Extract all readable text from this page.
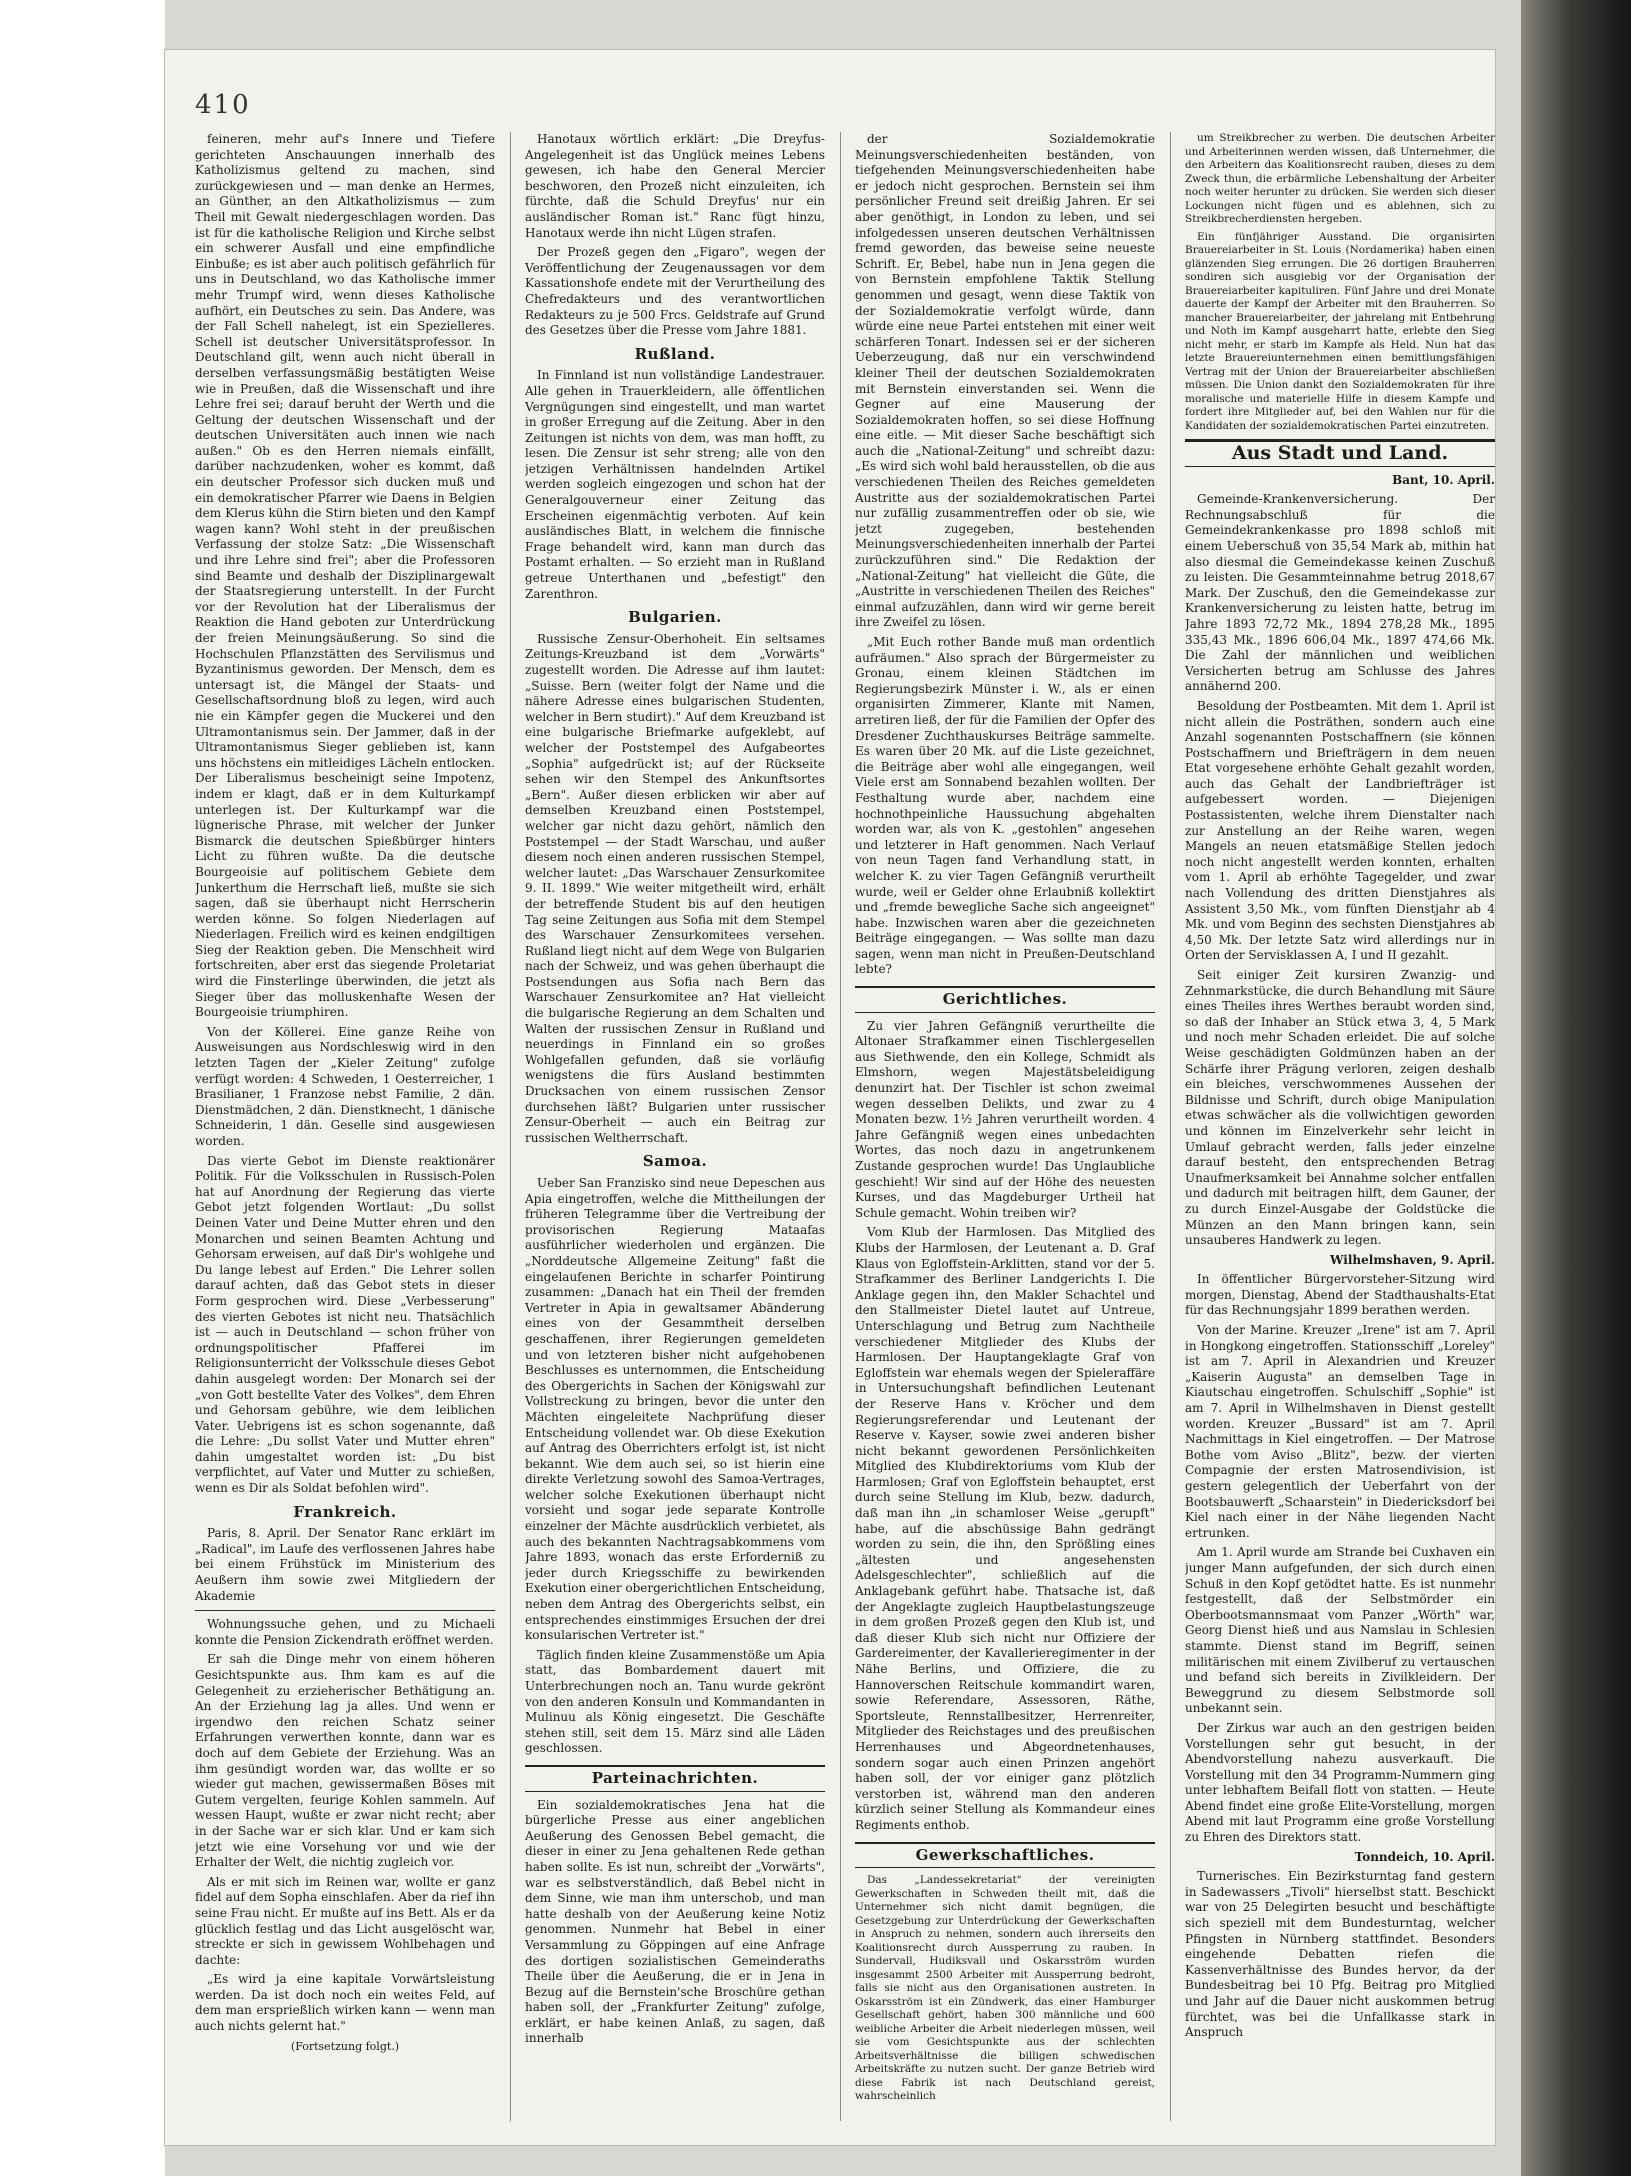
410

feineren, mehr auf's Innere und Tiefere gerichteten Anschauungen innerhalb des Katholizismus geltend zu machen, sind zurückgewiesen und — man denke an Hermes, an Günther, an den Altkatholizismus — zum Theil mit Gewalt niedergeschlagen worden. Das ist für die katholische Religion und Kirche selbst ein schwerer Ausfall und eine empfindliche Einbuße; es ist aber auch politisch gefährlich für uns in Deutschland, wo das Katholische immer mehr Trumpf wird, wenn dieses Katholische aufhört, ein Deutsches zu sein. Das Andere, was der Fall Schell nahelegt, ist ein Spezielleres. Schell ist deutscher Universitätsprofessor. In Deutschland gilt, wenn auch nicht überall in derselben verfassungsmäßig bestätigten Weise wie in Preußen, daß die Wissenschaft und ihre Lehre frei sei; darauf beruht der Werth und die Geltung der deutschen Wissenschaft und der deutschen Universitäten auch innen wie nach außen." Ob es den Herren niemals einfällt, darüber nachzudenken, woher es kommt, daß ein deutscher Professor sich ducken muß und ein demokratischer Pfarrer wie Daens in Belgien dem Klerus kühn die Stirn bieten und den Kampf wagen kann? Wohl steht in der preußischen Verfassung der stolze Satz: „Die Wissenschaft und ihre Lehre sind frei"; aber die Professoren sind Beamte und deshalb der Disziplinargewalt der Staatsregierung unterstellt. In der Furcht vor der Revolution hat der Liberalismus der Reaktion die Hand geboten zur Unterdrückung der freien Meinungsäußerung. So sind die Hochschulen Pflanzstätten des Servilismus und Byzantinismus geworden. Der Mensch, dem es untersagt ist, die Mängel der Staats- und Gesellschaftsordnung bloß zu legen, wird auch nie ein Kämpfer gegen die Muckerei und den Ultramontanismus sein. Der Jammer, daß in der Ultramontanismus Sieger geblieben ist, kann uns höchstens ein mitleidiges Lächeln entlocken. Der Liberalismus bescheinigt seine Impotenz, indem er klagt, daß er in dem Kulturkampf unterlegen ist. Der Kulturkampf war die lügnerische Phrase, mit welcher der Junker Bismarck die deutschen Spießbürger hinters Licht zu führen wußte. Da die deutsche Bourgeoisie auf politischem Gebiete dem Junkerthum die Herrschaft ließ, mußte sie sich sagen, daß sie überhaupt nicht Herrscherin werden könne. So folgen Niederlagen auf Niederlagen. Freilich wird es keinen endgiltigen Sieg der Reaktion geben. Die Menschheit wird fortschreiten, aber erst das siegende Proletariat wird die Finsterlinge überwinden, die jetzt als Sieger über das molluskenhafte Wesen der Bourgeoisie triumphiren.

Von der Köllerei. Eine ganze Reihe von Ausweisungen aus Nordschleswig wird in den letzten Tagen der „Kieler Zeitung" zufolge verfügt worden: 4 Schweden, 1 Oesterreicher, 1 Brasilianer, 1 Franzose nebst Familie, 2 dän. Dienstmädchen, 2 dän. Dienstknecht, 1 dänische Schneiderin, 1 dän. Geselle sind ausgewiesen worden.

Das vierte Gebot im Dienste reaktionärer Politik. Für die Volksschulen in Russisch-Polen hat auf Anordnung der Regierung das vierte Gebot jetzt folgenden Wortlaut: „Du sollst Deinen Vater und Deine Mutter ehren und den Monarchen und seinen Beamten Achtung und Gehorsam erweisen, auf daß Dir's wohlgehe und Du lange lebest auf Erden." Die Lehrer sollen darauf achten, daß das Gebot stets in dieser Form gesprochen wird. Diese „Verbesserung" des vierten Gebotes ist nicht neu. Thatsächlich ist — auch in Deutschland — schon früher von ordnungspolitischer Pfafferei im Religionsunterricht der Volksschule dieses Gebot dahin ausgelegt worden: Der Monarch sei der „von Gott bestellte Vater des Volkes", dem Ehren und Gehorsam gebühre, wie dem leiblichen Vater. Uebrigens ist es schon sogenannte, daß die Lehre: „Du sollst Vater und Mutter ehren" dahin umgestaltet worden ist: „Du bist verpflichtet, auf Vater und Mutter zu schießen, wenn es Dir als Soldat befohlen wird".

Frankreich.

Paris, 8. April. Der Senator Ranc erklärt im „Radical", im Laufe des verflossenen Jahres habe bei einem Frühstück im Ministerium des Aeußern ihm sowie zwei Mitgliedern der Akademie

Wohnungssuche gehen, und zu Michaeli konnte die Pension Zickendrath eröffnet werden.

Er sah die Dinge mehr von einem höheren Gesichtspunkte aus. Ihm kam es auf die Gelegenheit zu erzieherischer Bethätigung an. An der Erziehung lag ja alles. Und wenn er irgendwo den reichen Schatz seiner Erfahrungen verwerthen konnte, dann war es doch auf dem Gebiete der Erziehung. Was an ihm gesündigt worden war, das wollte er so wieder gut machen, gewissermaßen Böses mit Gutem vergelten, feurige Kohlen sammeln. Auf wessen Haupt, wußte er zwar nicht recht; aber in der Sache war er sich klar. Und er kam sich jetzt wie eine Vorsehung vor und wie der Erhalter der Welt, die nichtig zugleich vor.

Als er mit sich im Reinen war, wollte er ganz fidel auf dem Sopha einschlafen. Aber da rief ihn seine Frau nicht. Er mußte auf ins Bett. Als er da glücklich festlag und das Licht ausgelöscht war, streckte er sich in gewissem Wohlbehagen und dachte:

„Es wird ja eine kapitale Vorwärtsleistung werden. Da ist doch noch ein weites Feld, auf dem man ersprießlich wirken kann — wenn man auch nichts gelernt hat."

(Fortsetzung folgt.)

Hanotaux wörtlich erklärt: „Die Dreyfus-Angelegenheit ist das Unglück meines Lebens gewesen, ich habe den General Mercier beschworen, den Prozeß nicht einzuleiten, ich fürchte, daß die Schuld Dreyfus' nur ein ausländischer Roman ist." Ranc fügt hinzu, Hanotaux werde ihn nicht Lügen strafen.

Der Prozeß gegen den „Figaro", wegen der Veröffentlichung der Zeugenaussagen vor dem Kassationshofe endete mit der Verurtheilung des Chefredakteurs und des verantwortlichen Redakteurs zu je 500 Frcs. Geldstrafe auf Grund des Gesetzes über die Presse vom Jahre 1881.

Rußland.

In Finnland ist nun vollständige Landestrauer. Alle gehen in Trauerkleidern, alle öffentlichen Vergnügungen sind eingestellt, und man wartet in großer Erregung auf die Zeitung. Aber in den Zeitungen ist nichts von dem, was man hofft, zu lesen. Die Zensur ist sehr streng; alle von den jetzigen Verhältnissen handelnden Artikel werden sogleich eingezogen und schon hat der Generalgouverneur einer Zeitung das Erscheinen eigenmächtig verboten. Auf kein ausländisches Blatt, in welchem die finnische Frage behandelt wird, kann man durch das Postamt erhalten. — So erzieht man in Rußland getreue Unterthanen und „befestigt" den Zarenthron.

Bulgarien.

Russische Zensur-Oberhoheit. Ein seltsames Zeitungs-Kreuzband ist dem „Vorwärts" zugestellt worden. Die Adresse auf ihm lautet: „Suisse. Bern (weiter folgt der Name und die nähere Adresse eines bulgarischen Studenten, welcher in Bern studirt)." Auf dem Kreuzband ist eine bulgarische Briefmarke aufgeklebt, auf welcher der Poststempel des Aufgabeortes „Sophia" aufgedrückt ist; auf der Rückseite sehen wir den Stempel des Ankunftsortes „Bern". Außer diesen erblicken wir aber auf demselben Kreuzband einen Poststempel, welcher gar nicht dazu gehört, nämlich den Poststempel — der Stadt Warschau, und außer diesem noch einen anderen russischen Stempel, welcher lautet: „Das Warschauer Zensurkomitee 9. II. 1899." Wie weiter mitgetheilt wird, erhält der betreffende Student bis auf den heutigen Tag seine Zeitungen aus Sofia mit dem Stempel des Warschauer Zensurkomitees versehen. Rußland liegt nicht auf dem Wege von Bulgarien nach der Schweiz, und was gehen überhaupt die Postsendungen aus Sofia nach Bern das Warschauer Zensurkomitee an? Hat vielleicht die bulgarische Regierung an dem Schalten und Walten der russischen Zensur in Rußland und neuerdings in Finnland ein so großes Wohlgefallen gefunden, daß sie vorläufig wenigstens die fürs Ausland bestimmten Drucksachen von einem russischen Zensor durchsehen läßt? Bulgarien unter russischer Zensur-Oberheit — auch ein Beitrag zur russischen Weltherrschaft.

Samoa.

Ueber San Franzisko sind neue Depeschen aus Apia eingetroffen, welche die Mittheilungen der früheren Telegramme über die Vertreibung der provisorischen Regierung Mataafas ausführlicher wiederholen und ergänzen. Die „Norddeutsche Allgemeine Zeitung" faßt die eingelaufenen Berichte in scharfer Pointirung zusammen: „Danach hat ein Theil der fremden Vertreter in Apia in gewaltsamer Abänderung eines von der Gesammtheit derselben geschaffenen, ihrer Regierungen gemeldeten und von letzteren bisher nicht aufgehobenen Beschlusses es unternommen, die Entscheidung des Obergerichts in Sachen der Königswahl zur Vollstreckung zu bringen, bevor die unter den Mächten eingeleitete Nachprüfung dieser Entscheidung vollendet war. Ob diese Exekution auf Antrag des Oberrichters erfolgt ist, ist nicht bekannt. Wie dem auch sei, so ist hierin eine direkte Verletzung sowohl des Samoa-Vertrages, welcher solche Exekutionen überhaupt nicht vorsieht und sogar jede separate Kontrolle einzelner der Mächte ausdrücklich verbietet, als auch des bekannten Nachtragsabkommens vom Jahre 1893, wonach das erste Erforderniß zu jeder durch Kriegsschiffe zu bewirkenden Exekution einer obergerichtlichen Entscheidung, neben dem Antrag des Obergerichts selbst, ein entsprechendes einstimmiges Ersuchen der drei konsularischen Vertreter ist."

Täglich finden kleine Zusammenstöße um Apia statt, das Bombardement dauert mit Unterbrechungen noch an. Tanu wurde gekrönt von den anderen Konsuln und Kommandanten in Mulinuu als König eingesetzt. Die Geschäfte stehen still, seit dem 15. März sind alle Läden geschlossen.

Parteinachrichten.

Ein sozialdemokratisches Jena hat die bürgerliche Presse aus einer angeblichen Aeußerung des Genossen Bebel gemacht, die dieser in einer zu Jena gehaltenen Rede gethan haben sollte. Es ist nun, schreibt der „Vorwärts", war es selbstverständlich, daß Bebel nicht in dem Sinne, wie man ihm unterschob, und man hatte deshalb von der Aeußerung keine Notiz genommen. Nunmehr hat Bebel in einer Versammlung zu Göppingen auf eine Anfrage des dortigen sozialistischen Gemeinderaths Theile über die Aeußerung, die er in Jena in Bezug auf die Bernstein'sche Broschüre gethan haben soll, der „Frankfurter Zeitung" zufolge, erklärt, er habe keinen Anlaß, zu sagen, daß innerhalb

der Sozialdemokratie Meinungsverschiedenheiten beständen, von tiefgehenden Meinungsverschiedenheiten habe er jedoch nicht gesprochen. Bernstein sei ihm persönlicher Freund seit dreißig Jahren. Er sei aber genöthigt, in London zu leben, und sei infolgedessen unseren deutschen Verhältnissen fremd geworden, das beweise seine neueste Schrift. Er, Bebel, habe nun in Jena gegen die von Bernstein empfohlene Taktik Stellung genommen und gesagt, wenn diese Taktik von der Sozialdemokratie verfolgt würde, dann würde eine neue Partei entstehen mit einer weit schärferen Tonart. Indessen sei er der sicheren Ueberzeugung, daß nur ein verschwindend kleiner Theil der deutschen Sozialdemokraten mit Bernstein einverstanden sei. Wenn die Gegner auf eine Mauserung der Sozialdemokraten hoffen, so sei diese Hoffnung eine eitle. — Mit dieser Sache beschäftigt sich auch die „National-Zeitung" und schreibt dazu: „Es wird sich wohl bald herausstellen, ob die aus verschiedenen Theilen des Reiches gemeldeten Austritte aus der sozialdemokratischen Partei nur zufällig zusammentreffen oder ob sie, wie jetzt zugegeben, bestehenden Meinungsverschiedenheiten innerhalb der Partei zurückzuführen sind." Die Redaktion der „National-Zeitung" hat vielleicht die Güte, die „Austritte in verschiedenen Theilen des Reiches" einmal aufzuzählen, dann wird wir gerne bereit ihre Zweifel zu lösen.

„Mit Euch rother Bande muß man ordentlich aufräumen." Also sprach der Bürgermeister zu Gronau, einem kleinen Städtchen im Regierungsbezirk Münster i. W., als er einen organisirten Zimmerer, Klante mit Namen, arretiren ließ, der für die Familien der Opfer des Dresdener Zuchthauskurses Beiträge sammelte. Es waren über 20 Mk. auf die Liste gezeichnet, die Beiträge aber wohl alle eingegangen, weil Viele erst am Sonnabend bezahlen wollten. Der Festhaltung wurde aber, nachdem eine hochnothpeinliche Haussuchung abgehalten worden war, als von K. „gestohlen" angesehen und letzterer in Haft genommen. Nach Verlauf von neun Tagen fand Verhandlung statt, in welcher K. zu vier Tagen Gefängniß verurtheilt wurde, weil er Gelder ohne Erlaubniß kollektirt und „fremde bewegliche Sache sich angeeignet" habe. Inzwischen waren aber die gezeichneten Beiträge eingegangen. — Was sollte man dazu sagen, wenn man nicht in Preußen-Deutschland lebte?

Gerichtliches.

Zu vier Jahren Gefängniß verurtheilte die Altonaer Strafkammer einen Tischlergesellen aus Siethwende, den ein Kollege, Schmidt als Elmshorn, wegen Majestätsbeleidigung denunzirt hat. Der Tischler ist schon zweimal wegen desselben Delikts, und zwar zu 4 Monaten bezw. 1½ Jahren verurtheilt worden. 4 Jahre Gefängniß wegen eines unbedachten Wortes, das noch dazu in angetrunkenem Zustande gesprochen wurde! Das Unglaubliche geschieht! Wir sind auf der Höhe des neuesten Kurses, und das Magdeburger Urtheil hat Schule gemacht. Wohin treiben wir?

Vom Klub der Harmlosen. Das Mitglied des Klubs der Harmlosen, der Leutenant a. D. Graf Klaus von Egloffstein-Arklitten, stand vor der 5. Strafkammer des Berliner Landgerichts I. Die Anklage gegen ihn, den Makler Schachtel und den Stallmeister Dietel lautet auf Untreue, Unterschlagung und Betrug zum Nachtheile verschiedener Mitglieder des Klubs der Harmlosen. Der Hauptangeklagte Graf von Egloffstein war ehemals wegen der Spieleraffäre in Untersuchungshaft befindlichen Leutenant der Reserve Hans v. Kröcher und dem Regierungsreferendar und Leutenant der Reserve v. Kayser, sowie zwei anderen bisher nicht bekannt gewordenen Persönlichkeiten Mitglied des Klubdirektoriums vom Klub der Harmlosen; Graf von Egloffstein behauptet, erst durch seine Stellung im Klub, bezw. dadurch, daß man ihn „in schamloser Weise „gerupft" habe, auf die abschüssige Bahn gedrängt worden zu sein, die ihn, den Sprößling eines „ältesten und angesehensten Adelsgeschlechter", schließlich auf die Anklagebank geführt habe. Thatsache ist, daß der Angeklagte zugleich Hauptbelastungszeuge in dem großen Prozeß gegen den Klub ist, und daß dieser Klub sich nicht nur Offiziere der Gardereimenter, der Kavallerieregimenter in der Nähe Berlins, und Offiziere, die zu Hannoverschen Reitschule kommandirt waren, sowie Referendare, Assessoren, Räthe, Sportsleute, Rennstallbesitzer, Herrenreiter, Mitglieder des Reichstages und des preußischen Herrenhauses und Abgeordnetenhauses, sondern sogar auch einen Prinzen angehört haben soll, der vor einiger ganz plötzlich verstorben ist, während man den anderen kürzlich seiner Stellung als Kommandeur eines Regiments enthob.

Gewerkschaftliches.

Das „Landessekretariat" der vereinigten Gewerkschaften in Schweden theilt mit, daß die Unternehmer sich nicht damit begnügen, die Gesetzgebung zur Unterdrückung der Gewerkschaften in Anspruch zu nehmen, sondern auch ihrerseits den Koalitionsrecht durch Aussperrung zu rauben. In Sundervall, Hudiksvall und Oskarsström wurden insgesammt 2500 Arbeiter mit Aussperrung bedroht, falls sie nicht aus den Organisationen austreten. In Oskarsström ist ein Zündwerk, das einer Hamburger Gesellschaft gehört, haben 300 männliche und 600 weibliche Arbeiter die Arbeit niederlegen müssen, weil sie vom Gesichtspunkte aus der schlechten Arbeitsverhältnisse die billigen schwedischen Arbeitskräfte zu nutzen sucht. Der ganze Betrieb wird diese Fabrik ist nach Deutschland gereist, wahrscheinlich

um Streikbrecher zu werben. Die deutschen Arbeiter und Arbeiterinnen werden wissen, daß Unternehmer, die den Arbeitern das Koalitionsrecht rauben, dieses zu dem Zweck thun, die erbärmliche Lebenshaltung der Arbeiter noch weiter herunter zu drücken. Sie werden sich dieser Lockungen nicht fügen und es ablehnen, sich zu Streikbrecherdiensten hergeben.

Ein fünfjähriger Ausstand. Die organisirten Brauereiarbeiter in St. Louis (Nordamerika) haben einen glänzenden Sieg errungen. Die 26 dortigen Brauherren sondiren sich ausgiebig vor der Organisation der Brauereiarbeiter kapituliren. Fünf Jahre und drei Monate dauerte der Kampf der Arbeiter mit den Brauherren. So mancher Brauereiarbeiter, der jahrelang mit Entbehrung und Noth im Kampf ausgeharrt hatte, erlebte den Sieg nicht mehr, er starb im Kampfe als Held. Nun hat das letzte Brauereiunternehmen einen bemittlungsfähigen Vertrag mit der Union der Brauereiarbeiter abschließen müssen. Die Union dankt den Sozialdemokraten für ihre moralische und materielle Hilfe in diesem Kampfe und fordert ihre Mitglieder auf, bei den Wahlen nur für die Kandidaten der sozialdemokratischen Partei einzutreten.

Aus Stadt und Land.
Bant, 10. April.

Gemeinde-Krankenversicherung. Der Rechnungsabschluß für die Gemeindekrankenkasse pro 1898 schloß mit einem Ueberschuß von 35,54 Mark ab, mithin hat also diesmal die Gemeindekasse keinen Zuschuß zu leisten. Die Gesammteinnahme betrug 2018,67 Mark. Der Zuschuß, den die Gemeindekasse zur Krankenversicherung zu leisten hatte, betrug im Jahre 1893 72,72 Mk., 1894 278,28 Mk., 1895 335,43 Mk., 1896 606,04 Mk., 1897 474,66 Mk. Die Zahl der männlichen und weiblichen Versicherten betrug am Schlusse des Jahres annähernd 200.

Besoldung der Postbeamten. Mit dem 1. April ist nicht allein die Posträthen, sondern auch eine Anzahl sogenannten Postschaffnern (sie können Postschaffnern und Briefträgern in dem neuen Etat vorgesehene erhöhte Gehalt gezahlt worden, auch das Gehalt der Landbriefträger ist aufgebessert worden. — Diejenigen Postassistenten, welche ihrem Dienstalter nach zur Anstellung an der Reihe waren, wegen Mangels an neuen etatsmäßige Stellen jedoch noch nicht angestellt werden konnten, erhalten vom 1. April ab erhöhte Tagegelder, und zwar nach Vollendung des dritten Dienstjahres als Assistent 3,50 Mk., vom fünften Dienstjahr ab 4 Mk. und vom Beginn des sechsten Dienstjahres ab 4,50 Mk. Der letzte Satz wird allerdings nur in Orten der Servisklassen A, I und II gezahlt.

Seit einiger Zeit kursiren Zwanzig- und Zehnmarkstücke, die durch Behandlung mit Säure eines Theiles ihres Werthes beraubt worden sind, so daß der Inhaber an Stück etwa 3, 4, 5 Mark und noch mehr Schaden erleidet. Die auf solche Weise geschädigten Goldmünzen haben an der Schärfe ihrer Prägung verloren, zeigen deshalb ein bleiches, verschwommenes Aussehen der Bildnisse und Schrift, durch obige Manipulation etwas schwächer als die vollwichtigen geworden und können im Einzelverkehr sehr leicht in Umlauf gebracht werden, falls jeder einzelne darauf besteht, den entsprechenden Betrag Unaufmerksamkeit bei Annahme solcher entfallen und dadurch mit beitragen hilft, dem Gauner, der zu durch Einzel-Ausgabe der Goldstücke die Münzen an den Mann bringen kann, sein unsauberes Handwerk zu legen.

Wilhelmshaven, 9. April.

In öffentlicher Bürgervorsteher-Sitzung wird morgen, Dienstag, Abend der Stadthaushalts-Etat für das Rechnungsjahr 1899 berathen werden.

Von der Marine. Kreuzer „Irene" ist am 7. April in Hongkong eingetroffen. Stationsschiff „Loreley" ist am 7. April in Alexandrien und Kreuzer „Kaiserin Augusta" an demselben Tage in Kiautschau eingetroffen. Schulschiff „Sophie" ist am 7. April in Wilhelmshaven in Dienst gestellt worden. Kreuzer „Bussard" ist am 7. April Nachmittags in Kiel eingetroffen. — Der Matrose Bothe vom Aviso „Blitz", bezw. der vierten Compagnie der ersten Matrosendivision, ist gestern gelegentlich der Ueberfahrt von der Bootsbauwerft „Schaarstein" in Diedericksdorf bei Kiel nach einer in der Nähe liegenden Nacht ertrunken.

Am 1. April wurde am Strande bei Cuxhaven ein junger Mann aufgefunden, der sich durch einen Schuß in den Kopf getödtet hatte. Es ist nunmehr festgestellt, daß der Selbstmörder ein Oberbootsmannsmaat vom Panzer „Wörth" war, Georg Dienst hieß und aus Namslau in Schlesien stammte. Dienst stand im Begriff, seinen militärischen mit einem Zivilberuf zu vertauschen und befand sich bereits in Zivilkleidern. Der Beweggrund zu diesem Selbstmorde soll unbekannt sein.

Der Zirkus war auch an den gestrigen beiden Vorstellungen sehr gut besucht, in der Abendvorstellung nahezu ausverkauft. Die Vorstellung mit den 34 Programm-Nummern ging unter lebhaftem Beifall flott von statten. — Heute Abend findet eine große Elite-Vorstellung, morgen Abend mit laut Programm eine große Vorstellung zu Ehren des Direktors statt.

Tonndeich, 10. April.

Turnerisches. Ein Bezirksturntag fand gestern in Sadewassers „Tivoli" hierselbst statt. Beschickt war von 25 Delegirten besucht und beschäftigte sich speziell mit dem Bundesturntag, welcher Pfingsten in Nürnberg stattfindet. Besonders eingehende Debatten riefen die Kassenverhältnisse des Bundes hervor, da der Bundesbeitrag bei 10 Pfg. Beitrag pro Mitglied und Jahr auf die Dauer nicht auskommen betrug fürchtet, was bei die Unfallkasse stark in Anspruch
